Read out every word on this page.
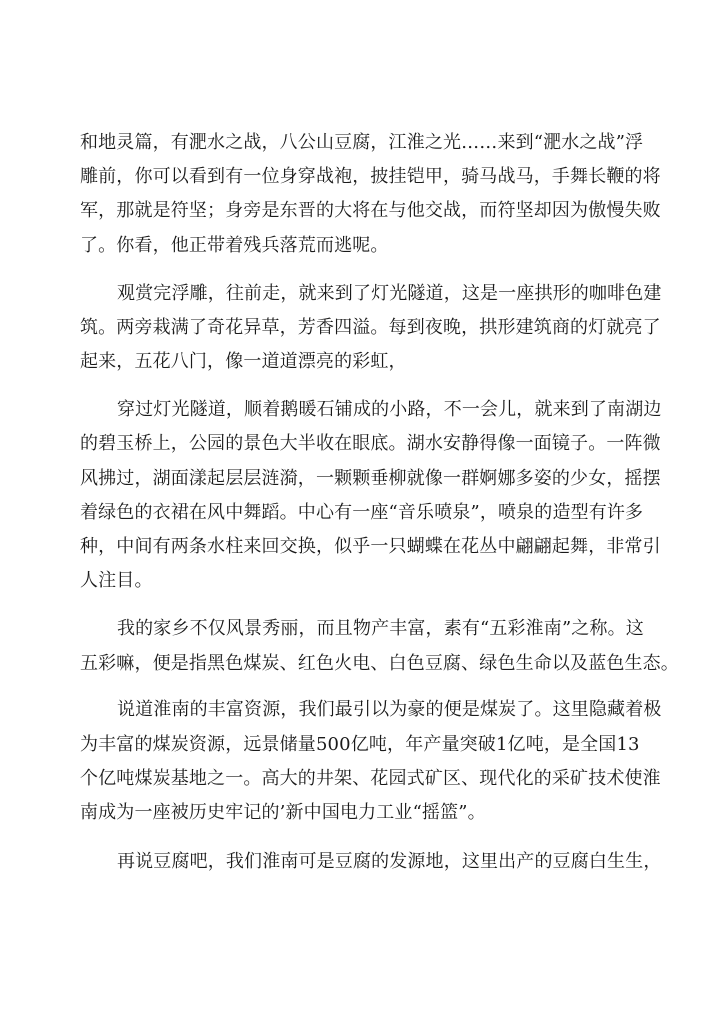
和地灵篇，有淝水之战，八公山豆腐，江淮之光……来到“淝水之战”浮
雕前，你可以看到有一位身穿战袍，披挂铠甲，骑马战马，手舞长鞭的将
军，那就是符坚；身旁是东晋的大将在与他交战，而符坚却因为傲慢失败
了。你看，他正带着残兵落荒而逃呢。
观赏完浮雕，往前走，就来到了灯光隧道，这是一座拱形的咖啡色建
筑。两旁栽满了奇花异草，芳香四溢。每到夜晚，拱形建筑商的灯就亮了
起来，五花八门，像一道道漂亮的彩虹，
穿过灯光隧道，顺着鹅暖石铺成的小路，不一会儿，就来到了南湖边
的碧玉桥上，公园的景色大半收在眼底。湖水安静得像一面镜子。一阵微
风拂过，湖面漾起层层涟漪，一颗颗垂柳就像一群婀娜多姿的少女，摇摆
着绿色的衣裙在风中舞蹈。中心有一座“音乐喷泉”，喷泉的造型有许多
种，中间有两条水柱来回交换，似乎一只蝴蝶在花丛中翩翩起舞，非常引
人注目。
我的家乡不仅风景秀丽，而且物产丰富，素有“五彩淮南”之称。这
五彩嘛，便是指黑色煤炭、红色火电、白色豆腐、绿色生命以及蓝色生态。
说道淮南的丰富资源，我们最引以为豪的便是煤炭了。这里隐藏着极
为丰富的煤炭资源，远景储量500亿吨，年产量突破1亿吨，是全国13
个亿吨煤炭基地之一。高大的井架、花园式矿区、现代化的采矿技术使淮
南成为一座被历史牢记的’新中国电力工业“摇篮”。
再说豆腐吧，我们淮南可是豆腐的发源地，这里出产的豆腐白生生，
